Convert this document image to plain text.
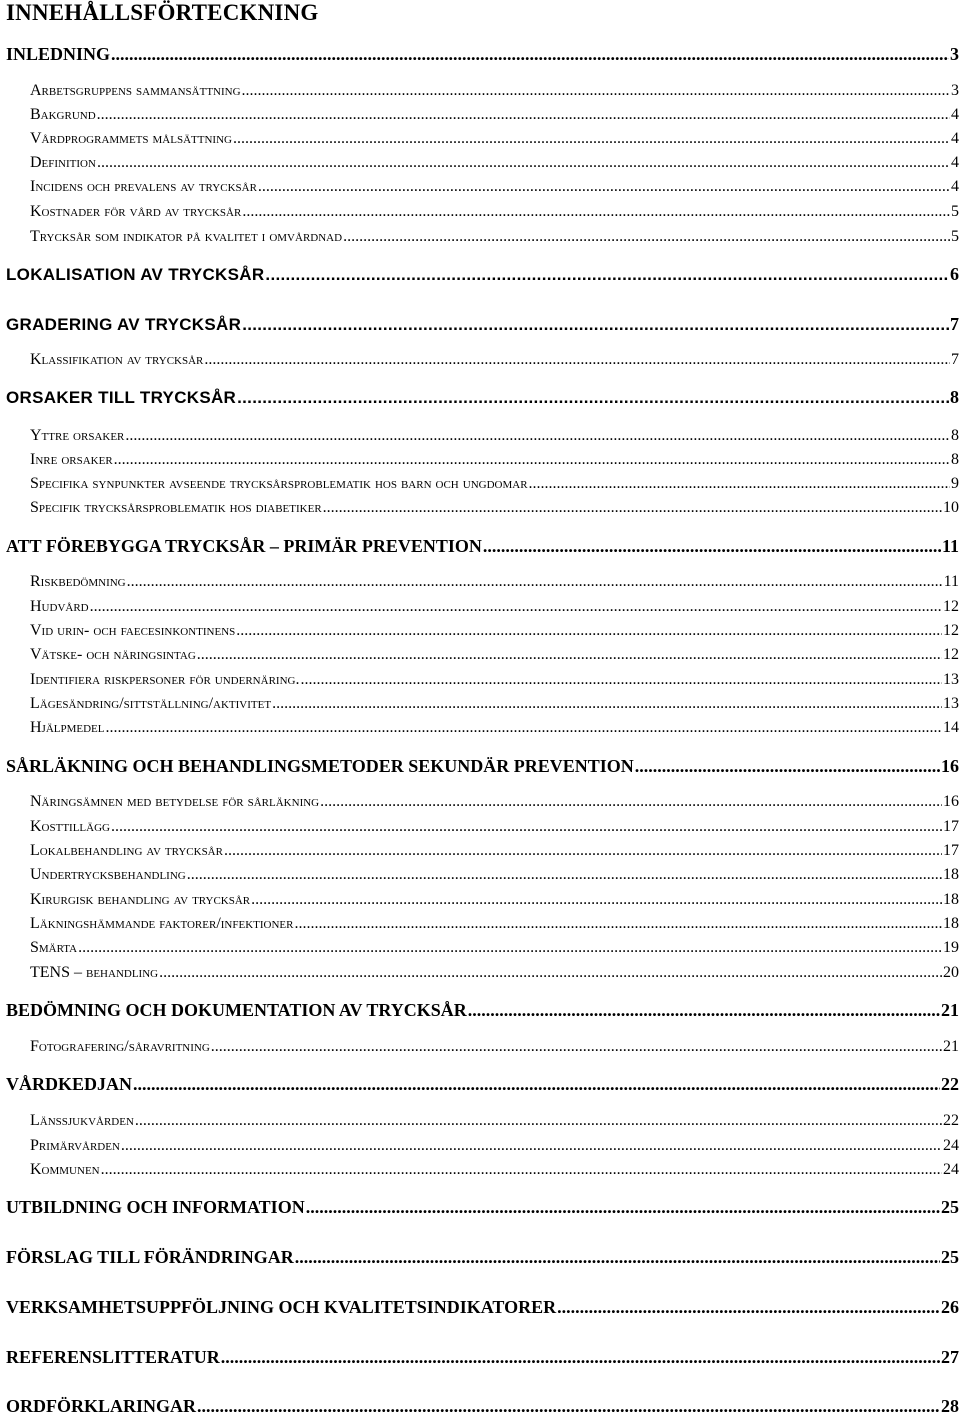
INNEHÅLLSFÖRTECKNING
INLEDNING .....	3
Arbetsgruppens sammansättning .....	3
Bakgrund .....	4
Vårdprogrammets målsättning .....	4
Definition .....	4
Incidens och prevalens av trycksår .....	4
Kostnader för vård av trycksår .....	5
Trycksår som indikator på kvalitet i omvårdnad .....	5
LOKALISATION AV TRYCKSÅR .....	6
GRADERING AV TRYCKSÅR .....	7
Klassifikation av trycksår .....	7
ORSAKER TILL TRYCKSÅR .....	8
Yttre orsaker .....	8
Inre orsaker .....	8
Specifika synpunkter avseende trycksårsproblematik hos barn och ungdomar .....	9
Specifik trycksårsproblematik hos diabetiker .....	10
ATT FÖREBYGGA TRYCKSÅR – PRIMÄR PREVENTION .....	11
Riskbedömning .....	11
Hudvård .....	12
Vid urin- och faecesinkontinens .....	12
Vätske- och näringsintag .....	12
Identifiera riskpersoner för undernäring. .....	13
Lägesändring/sittställning/aktivitet .....	13
Hjälpmedel .....	14
SÅRLÄKNING OCH BEHANDLINGSMETODER SEKUNDÄR PREVENTION .....	16
Näringsämnen med betydelse för sårläkning .....	16
Kosttillägg .....	17
Lokalbehandling av trycksår .....	17
Undertrycksbehandling .....	18
Kirurgisk behandling av trycksår .....	18
Läkningshämmande faktorer/infektioner .....	18
Smärta .....	19
TENS – behandling .....	20
BEDÖMNING OCH DOKUMENTATION AV TRYCKSÅR .....	21
Fotografering/såravritning .....	21
VÅRDKEDJAN .....	22
Länssjukvården .....	22
Primärvården .....	24
Kommunen .....	24
UTBILDNING OCH INFORMATION .....	25
FÖRSLAG TILL FÖRÄNDRINGAR .....	25
VERKSAMHETSUPPFÖLJNING OCH KVALITETSINDIKATORER .....	26
REFERENSLITTERATUR .....	27
ORDFÖRKLARINGAR .....	28
